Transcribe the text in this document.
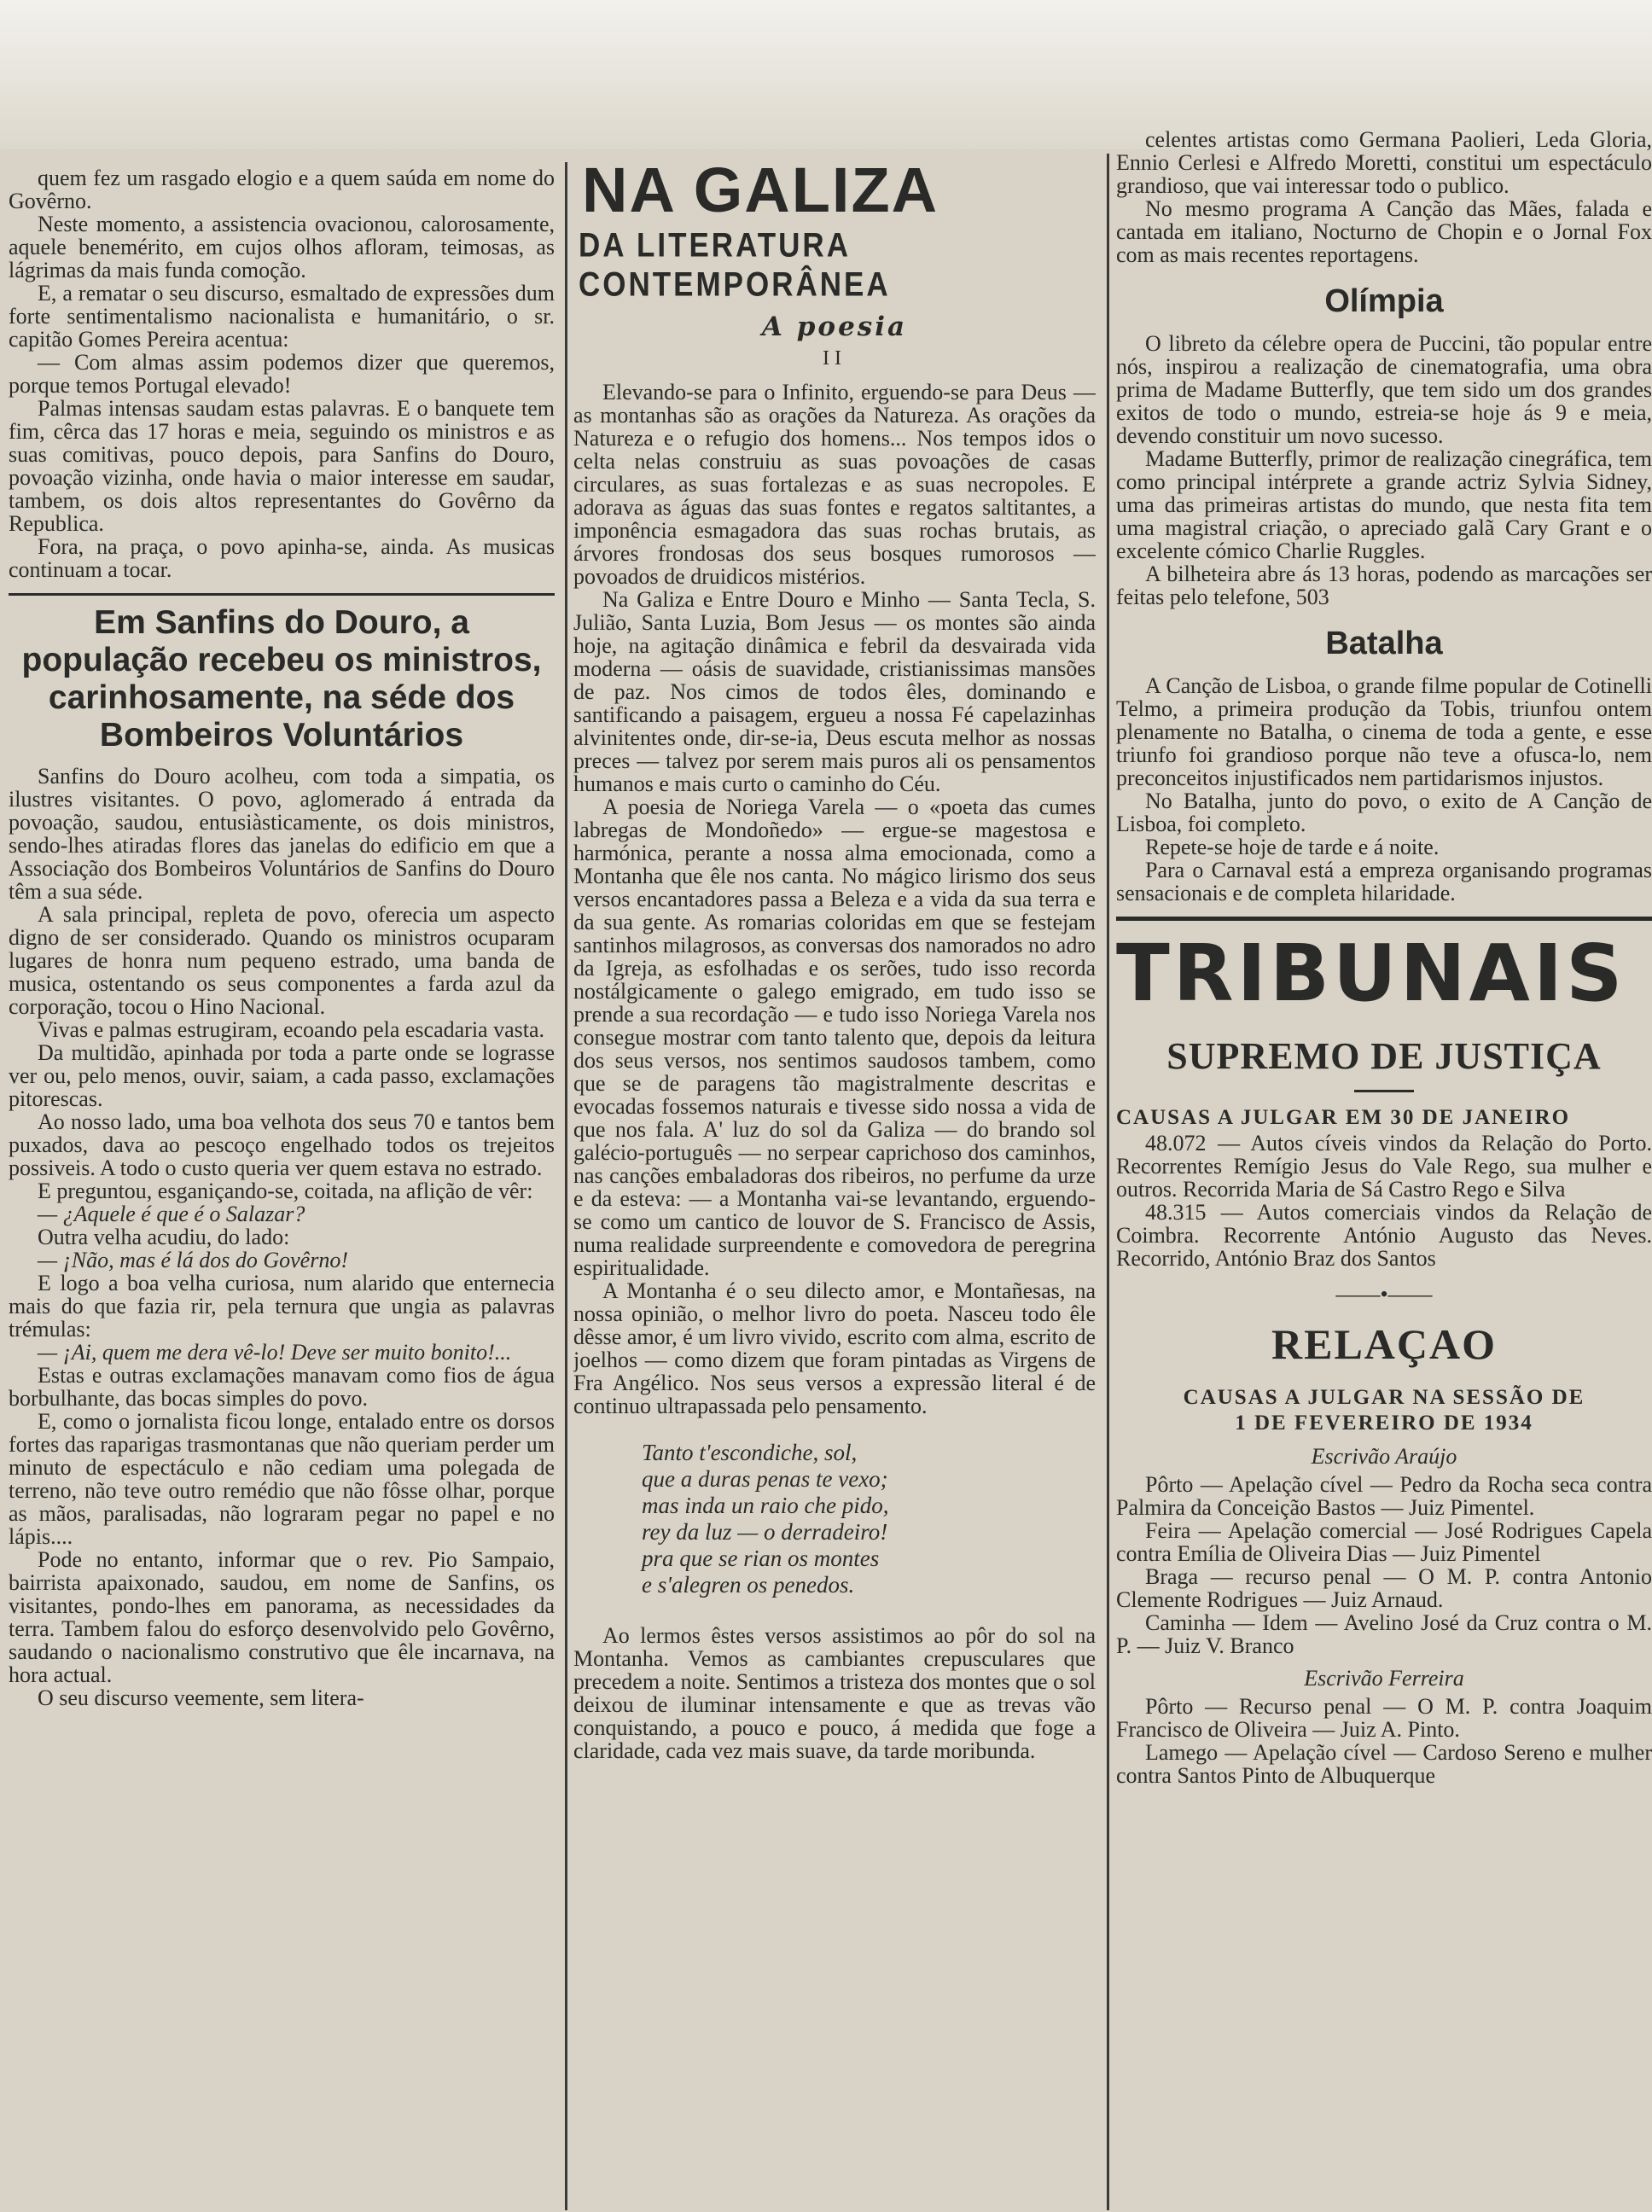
quem fez um rasgado elogio e a quem saúda em nome do Govêrno.

Neste momento, a assistencia ovacionou, calorosamente, aquele benemérito, em cujos olhos afloram, teimosas, as lágrimas da mais funda comoção.

E, a rematar o seu discurso, esmaltado de expressões dum forte sentimentalismo nacionalista e humanitário, o sr. capitão Gomes Pereira acentua:

— Com almas assim podemos dizer que queremos, porque temos Portugal elevado!

Palmas intensas saudam estas palavras. E o banquete tem fim, cêrca das 17 horas e meia, seguindo os ministros e as suas comitivas, pouco depois, para Sanfins do Douro, povoação vizinha, onde havia o maior interesse em saudar, tambem, os dois altos representantes do Govêrno da Republica.

Fora, na praça, o povo apinha-se, ainda. As musicas continuam a tocar.

Em Sanfins do Douro, a população recebeu os ministros, carinhosamente, na séde dos Bombeiros Voluntários

Sanfins do Douro acolheu, com toda a simpatia, os ilustres visitantes. O povo, aglomerado á entrada da povoação, saudou, entusiàsticamente, os dois ministros, sendo-lhes atiradas flores das janelas do edificio em que a Associação dos Bombeiros Voluntários de Sanfins do Douro têm a sua séde.

A sala principal, repleta de povo, oferecia um aspecto digno de ser considerado. Quando os ministros ocuparam lugares de honra num pequeno estrado, uma banda de musica, ostentando os seus componentes a farda azul da corporação, tocou o Hino Nacional.

Vivas e palmas estrugiram, ecoando pela escadaria vasta.

Da multidão, apinhada por toda a parte onde se lograsse ver ou, pelo menos, ouvir, saiam, a cada passo, exclamações pitorescas.

Ao nosso lado, uma boa velhota dos seus 70 e tantos bem puxados, dava ao pescoço engelhado todos os trejeitos possiveis. A todo o custo queria ver quem estava no estrado.

E preguntou, esganiçando-se, coitada, na aflição de vêr:

— ¿Aquele é que é o Salazar?

Outra velha acudiu, do lado:

— ¡Não, mas é lá dos do Govêrno!

E logo a boa velha curiosa, num alarido que enternecia mais do que fazia rir, pela ternura que ungia as palavras trémulas:

— ¡Ai, quem me dera vê-lo! Deve ser muito bonito!...

Estas e outras exclamações manavam como fios de água borbulhante, das bocas simples do povo.

E, como o jornalista ficou longe, entalado entre os dorsos fortes das raparigas trasmontanas que não queriam perder um minuto de espectáculo e não cediam uma polegada de terreno, não teve outro remédio que não fôsse olhar, porque as mãos, paralisadas, não lograram pegar no papel e no lápis....

Pode no entanto, informar que o rev. Pio Sampaio, bairrista apaixonado, saudou, em nome de Sanfins, os visitantes, pondo-lhes em panorama, as necessidades da terra. Tambem falou do esforço desenvolvido pelo Govêrno, saudando o nacionalismo construtivo que êle incarnava, na hora actual.

O seu discurso veemente, sem litera-

NA GALIZA
DA LITERATURA CONTEMPORÂNEA
A poesia
II

Elevando-se para o Infinito, erguendo-se para Deus — as montanhas são as orações da Natureza. As orações da Natureza e o refugio dos homens... Nos tempos idos o celta nelas construiu as suas povoações de casas circulares, as suas fortalezas e as suas necropoles. E adorava as águas das suas fontes e regatos saltitantes, a imponência esmagadora das suas rochas brutais, as árvores frondosas dos seus bosques rumorosos — povoados de druidicos mistérios.

Na Galiza e Entre Douro e Minho — Santa Tecla, S. Julião, Santa Luzia, Bom Jesus — os montes são ainda hoje, na agitação dinâmica e febril da desvairada vida moderna — oásis de suavidade, cristianissimas mansões de paz. Nos cimos de todos êles, dominando e santificando a paisagem, ergueu a nossa Fé capelazinhas alvinitentes onde, dir-se-ia, Deus escuta melhor as nossas preces — talvez por serem mais puros ali os pensamentos humanos e mais curto o caminho do Céu.

A poesia de Noriega Varela — o «poeta das cumes labregas de Mondoñedo» — ergue-se magestosa e harmónica, perante a nossa alma emocionada, como a Montanha que êle nos canta. No mágico lirismo dos seus versos encantadores passa a Beleza e a vida da sua terra e da sua gente. As romarias coloridas em que se festejam santinhos milagrosos, as conversas dos namorados no adro da Igreja, as esfolhadas e os serões, tudo isso recorda nostálgicamente o galego emigrado, em tudo isso se prende a sua recordação — e tudo isso Noriega Varela nos consegue mostrar com tanto talento que, depois da leitura dos seus versos, nos sentimos saudosos tambem, como que se de paragens tão magistralmente descritas e evocadas fossemos naturais e tivesse sido nossa a vida de que nos fala. A' luz do sol da Galiza — do brando sol galécio-português — no serpear caprichoso dos caminhos, nas canções embaladoras dos ribeiros, no perfume da urze e da esteva: — a Montanha vai-se levantando, erguendo-se como um cantico de louvor de S. Francisco de Assis, numa realidade surpreendente e comovedora de peregrina espiritualidade.

A Montanha é o seu dilecto amor, e Montañesas, na nossa opinião, o melhor livro do poeta. Nasceu todo êle dêsse amor, é um livro vivido, escrito com alma, escrito de joelhos — como dizem que foram pintadas as Virgens de Fra Angélico. Nos seus versos a expressão literal é de continuo ultrapassada pelo pensamento.

Tanto t'escondiche, sol,

que a duras penas te vexo;

mas inda un raio che pido,

rey da luz — o derradeiro!

pra que se rian os montes

e s'alegren os penedos.

Ao lermos êstes versos assistimos ao pôr do sol na Montanha. Vemos as cambiantes crepusculares que precedem a noite. Sentimos a tristeza dos montes que o sol deixou de iluminar intensamente e que as trevas vão conquistando, a pouco e pouco, á medida que foge a claridade, cada vez mais suave, da tarde moribunda.

celentes artistas como Germana Paolieri, Leda Gloria, Ennio Cerlesi e Alfredo Moretti, constitui um espectáculo grandioso, que vai interessar todo o publico.

No mesmo programa A Canção das Mães, falada e cantada em italiano, Nocturno de Chopin e o Jornal Fox com as mais recentes reportagens.

Olímpia

O libreto da célebre opera de Puccini, tão popular entre nós, inspirou a realização de cinematografia, uma obra prima de Madame Butterfly, que tem sido um dos grandes exitos de todo o mundo, estreia-se hoje ás 9 e meia, devendo constituir um novo sucesso.

Madame Butterfly, primor de realização cinegráfica, tem como principal intérprete a grande actriz Sylvia Sidney, uma das primeiras artistas do mundo, que nesta fita tem uma magistral criação, o apreciado galã Cary Grant e o excelente cómico Charlie Ruggles.

A bilheteira abre ás 13 horas, podendo as marcações ser feitas pelo telefone, 503

Batalha

A Canção de Lisboa, o grande filme popular de Cotinelli Telmo, a primeira produção da Tobis, triunfou ontem plenamente no Batalha, o cinema de toda a gente, e esse triunfo foi grandioso porque não teve a ofusca-lo, nem preconceitos injustificados nem partidarismos injustos.

No Batalha, junto do povo, o exito de A Canção de Lisboa, foi completo.

Repete-se hoje de tarde e á noite.

Para o Carnaval está a empreza organisando programas sensacionais e de completa hilaridade.

TRIBUNAIS
SUPREMO DE JUSTIÇA
CAUSAS A JULGAR EM 30 DE JANEIRO

48.072 — Autos cíveis vindos da Relação do Porto. Recorrentes Remígio Jesus do Vale Rego, sua mulher e outros. Recorrida Maria de Sá Castro Rego e Silva

48.315 — Autos comerciais vindos da Relação de Coimbra. Recorrente António Augusto das Neves. Recorrido, António Braz dos Santos

——•——
RELAÇAO
CAUSAS A JULGAR NA SESSÃO DE
1 DE FEVEREIRO DE 1934
Escrivão Araújo

Pôrto — Apelação cível — Pedro da Rocha seca contra Palmira da Conceição Bastos — Juiz Pimentel.

Feira — Apelação comercial — José Rodrigues Capela contra Emília de Oliveira Dias — Juiz Pimentel

Braga — recurso penal — O M. P. contra Antonio Clemente Rodrigues — Juiz Arnaud.

Caminha — Idem — Avelino José da Cruz contra o M. P. — Juiz V. Branco

Escrivão Ferreira

Pôrto — Recurso penal — O M. P. contra Joaquim Francisco de Oliveira — Juiz A. Pinto.

Lamego — Apelação cível — Cardoso Sereno e mulher contra Santos Pinto de Albuquerque
